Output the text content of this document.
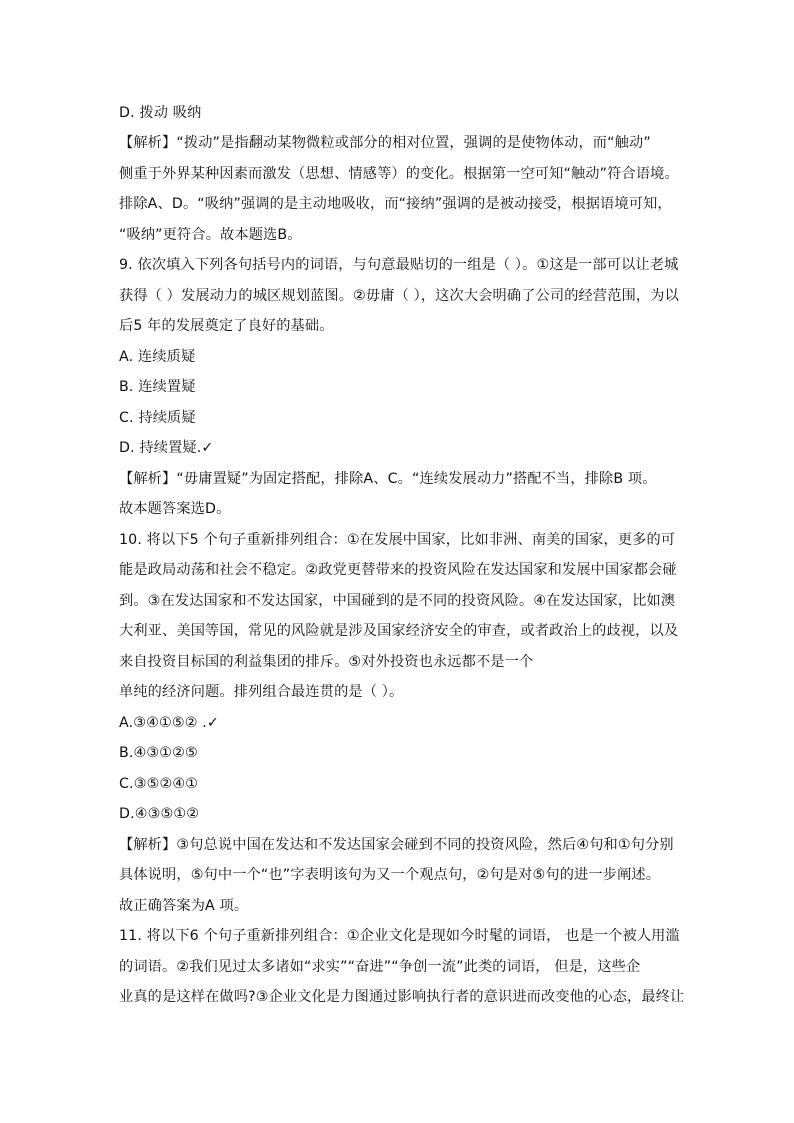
D. 拨动 吸纳
【解析】“拨动”是指翻动某物微粒或部分的相对位置，强调的是使物体动，而“触动”
侧重于外界某种因素而激发（思想、情感等）的变化。根据第一空可知“触动”符合语境。
排除A、D。“吸纳”强调的是主动地吸收，而“接纳”强调的是被动接受，根据语境可知，
“吸纳”更符合。故本题选B。
9. 依次填入下列各句括号内的词语，与句意最贴切的一组是（ ）。①这是一部可以让老城
获得（ ）发展动力的城区规划蓝图。②毋庸（ ），这次大会明确了公司的经营范围，为以
后5 年的发展奠定了良好的基础。
A. 连续质疑
B. 连续置疑
C. 持续质疑
D. 持续置疑.✓
【解析】“毋庸置疑”为固定搭配，排除A、C。“连续发展动力”搭配不当，排除B 项。
故本题答案选D。
10. 将以下5 个句子重新排列组合：①在发展中国家，比如非洲、南美的国家，更多的可
能是政局动荡和社会不稳定。②政党更替带来的投资风险在发达国家和发展中国家都会碰
到。③在发达国家和不发达国家，中国碰到的是不同的投资风险。④在发达国家，比如澳
大利亚、美国等国，常见的风险就是涉及国家经济安全的审查，或者政治上的歧视，以及
来自投资目标国的利益集团的排斥。⑤对外投资也永远都不是一个
单纯的经济问题。排列组合最连贯的是（ ）。
A.③④①⑤② .✓
B.④③①②⑤
C.③⑤②④①
D.④③⑤①②
【解析】③句总说中国在发达和不发达国家会碰到不同的投资风险，然后④句和①句分别
具体说明，⑤句中一个“也”字表明该句为又一个观点句，②句是对⑤句的进一步阐述。
故正确答案为A 项。
11. 将以下6 个句子重新排列组合：①企业文化是现如今时髦的词语， 也是一个被人用滥
的词语。②我们见过太多诸如“求实”“奋进”“争创一流”此类的词语， 但是，这些企
业真的是这样在做吗?③企业文化是力图通过影响执行者的意识进而改变他的心态，最终让
